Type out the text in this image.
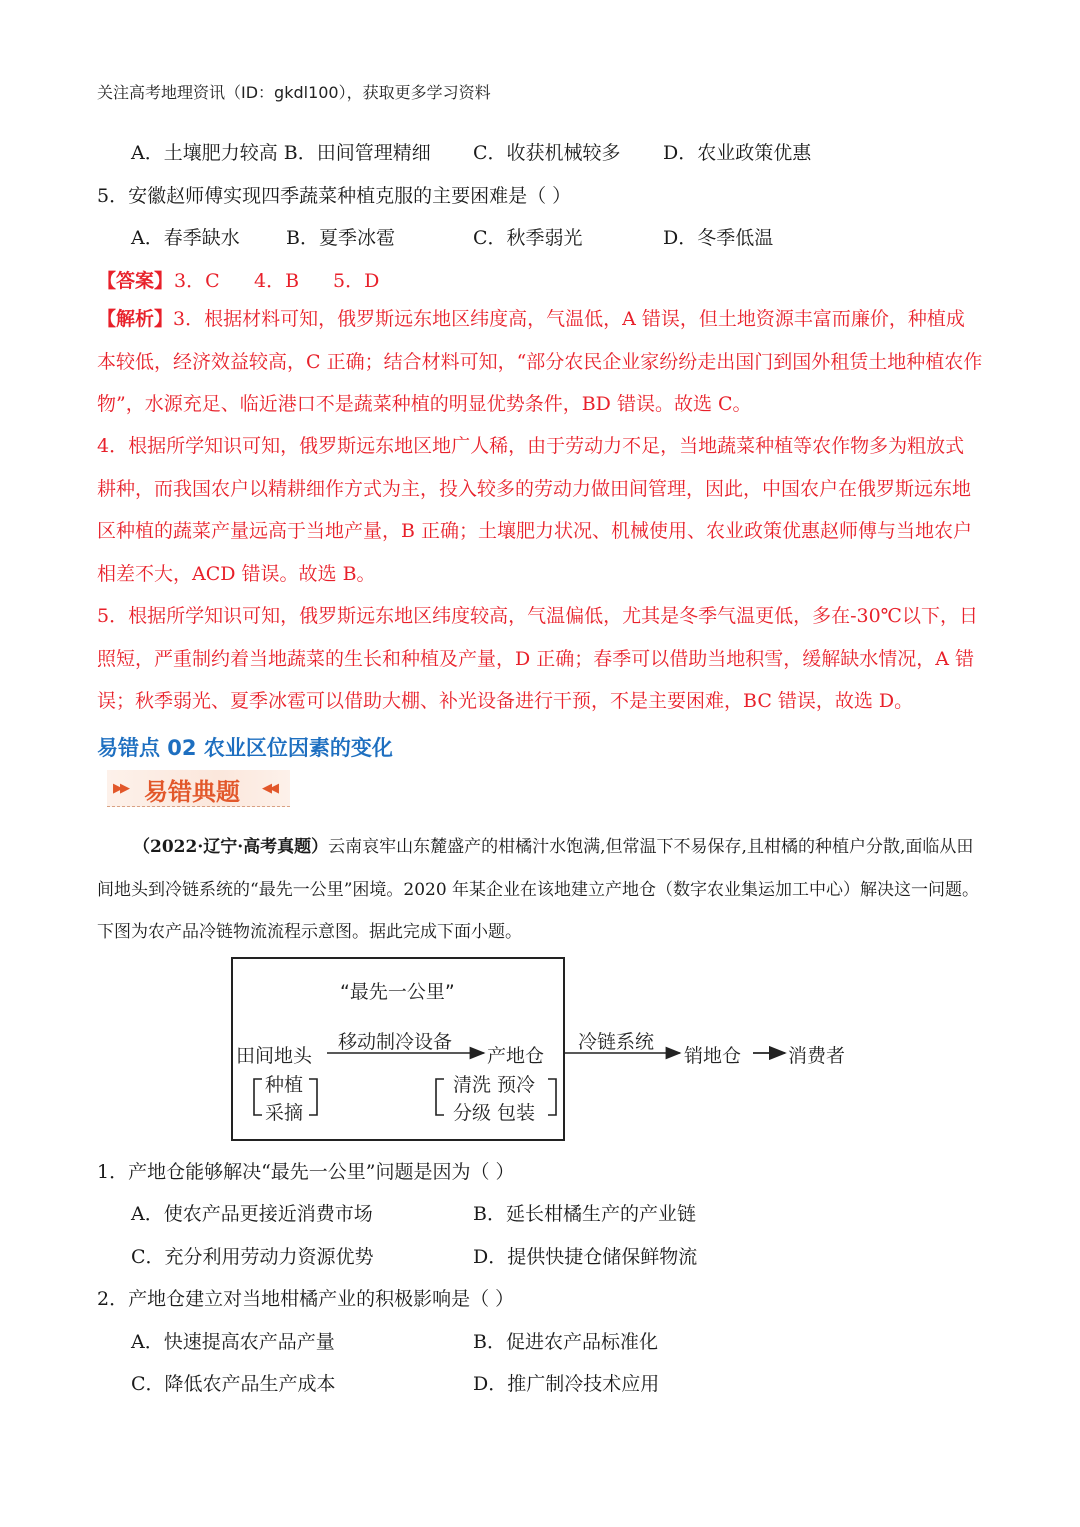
关注高考地理资讯（ID：gkdl100），获取更多学习资料
A．土壤肥力较高 B．田间管理精细 C．收获机械较多 D．农业政策优惠
5．安徽赵师傅实现四季蔬菜种植克服的主要困难是（ ）
A．春季缺水 B．夏季冰雹	C．秋季弱光	D．冬季低温
【答案】 3．C 4．B 5．D
【解析】3．根据材料可知，俄罗斯远东地区纬度高，气温低，A 错误，但土地资源丰富而廉价，种植成本较低，经济效益较高，C 正确；结合材料可知，“部分农民企业家纷纷走出国门到国外租赁土地种植农作物”，水源充足、临近港口不是蔬菜种植的明显优势条件，BD 错误。故选 C。
4．根据所学知识可知，俄罗斯远东地区地广人稀，由于劳动力不足，当地蔬菜种植等农作物多为粗放式耕种，而我国农户以精耕细作方式为主，投入较多的劳动力做田间管理，因此，中国农户在俄罗斯远东地区种植的蔬菜产量远高于当地产量，B 正确；土壤肥力状况、机械使用、农业政策优惠赵师傅与当地农户相差不大，ACD 错误。故选 B。
5．根据所学知识可知，俄罗斯远东地区纬度较高，气温偏低，尤其是冬季气温更低，多在-30℃以下，日照短，严重制约着当地蔬菜的生长和种植及产量，D 正确；春季可以借助当地积雪，缓解缺水情况，A 错误；秋季弱光、夏季冰雹可以借助大棚、补光设备进行干预，不是主要困难，BC 错误，故选 D。
易错点 02 农业区位因素的变化
▶▶ 易错典题 ◀◀
（2022·辽宁·高考真题）云南哀牢山东麓盛产的柑橘汁水饱满,但常温下不易保存,且柑橘的种植户分散,面临从田间地头到冷链系统的“最先一公里”困境。2020 年某企业在该地建立产地仓（数字农业集运加工中心）解决这一问题。下图为农产品冷链物流流程示意图。据此完成下面小题。
“最先一公里”
田间地头
移动制冷设备
产地仓
冷链系统
销地仓 消费者
种植
采摘
清洗 预冷
分级 包装
1．产地仓能够解决“最先一公里”问题是因为（ ）
A．使农产品更接近消费市场	B．延长柑橘生产的产业链
C．充分利用劳动力资源优势	D．提供快捷仓储保鲜物流
2．产地仓建立对当地柑橘产业的积极影响是（ ）
A．快速提高农产品产量	B．促进农产品标准化
C．降低农产品生产成本	D．推广制冷技术应用
